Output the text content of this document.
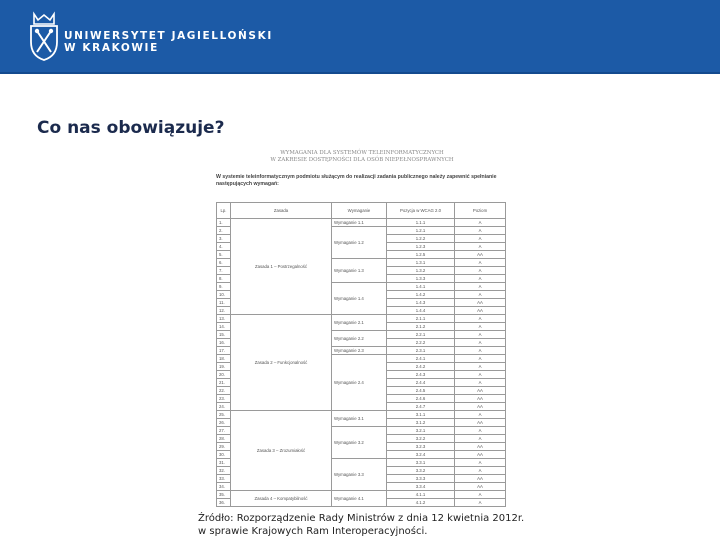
UNIWERSYTET JAGIELLOŃSKI
W KRAKOWIE
Co nas obowiązuje?
WYMAGANIA DLA SYSTEMÓW TELEINFORMATYCZNYCH
W ZAKRESIE DOSTĘPNOŚCI DLA OSÓB NIEPEŁNOSPRAWNYCH
W systemie teleinformatycznym podmiotu służącym do realizacji zadania publicznego należy zapewnić spełnianie następujących wymagań:
Lp.	Zasada	Wymaganie	Pozycja w WCAG 2.0	Poziom
1.	Zasada 1 – Postrzegalność	Wymaganie 1.1	1.1.1	A
2.		Wymaganie 1.2	1.2.1	A
3.			1.2.2	A
4.			1.2.3	A
5.			1.2.5	AA
6.		Wymaganie 1.3	1.3.1	A
7.			1.3.2	A
8.			1.3.3	A
9.		Wymaganie 1.4	1.4.1	A
10.			1.4.2	A
11.			1.4.3	AA
12.			1.4.4	AA
13.	Zasada 2 – Funkcjonalność	Wymaganie 2.1	2.1.1	A
14.			2.1.2	A
15.		Wymaganie 2.2	2.2.1	A
16.			2.2.2	A
17.		Wymaganie 2.3	2.3.1	A
18.		Wymaganie 2.4	2.4.1	A
19.			2.4.2	A
20.			2.4.3	A
21.			2.4.4	A
22.			2.4.5	AA
23.			2.4.6	AA
24.			2.4.7	AA
25.	Zasada 3 – Zrozumiałość	Wymaganie 3.1	3.1.1	A
26.			3.1.2	AA
27.		Wymaganie 3.2	3.2.1	A
28.			3.2.2	A
29.			3.2.3	AA
30.			3.2.4	AA
31.		Wymaganie 3.3	3.3.1	A
32.			3.3.2	A
33.			3.3.3	AA
34.			3.3.4	AA
35.	Zasada 4 – Kompatybilność	Wymaganie 4.1	4.1.1	A
36.			4.1.2	A
Źródło: Rozporządzenie Rady Ministrów z dnia 12 kwietnia 2012r.
w sprawie Krajowych Ram Interoperacyjności.
